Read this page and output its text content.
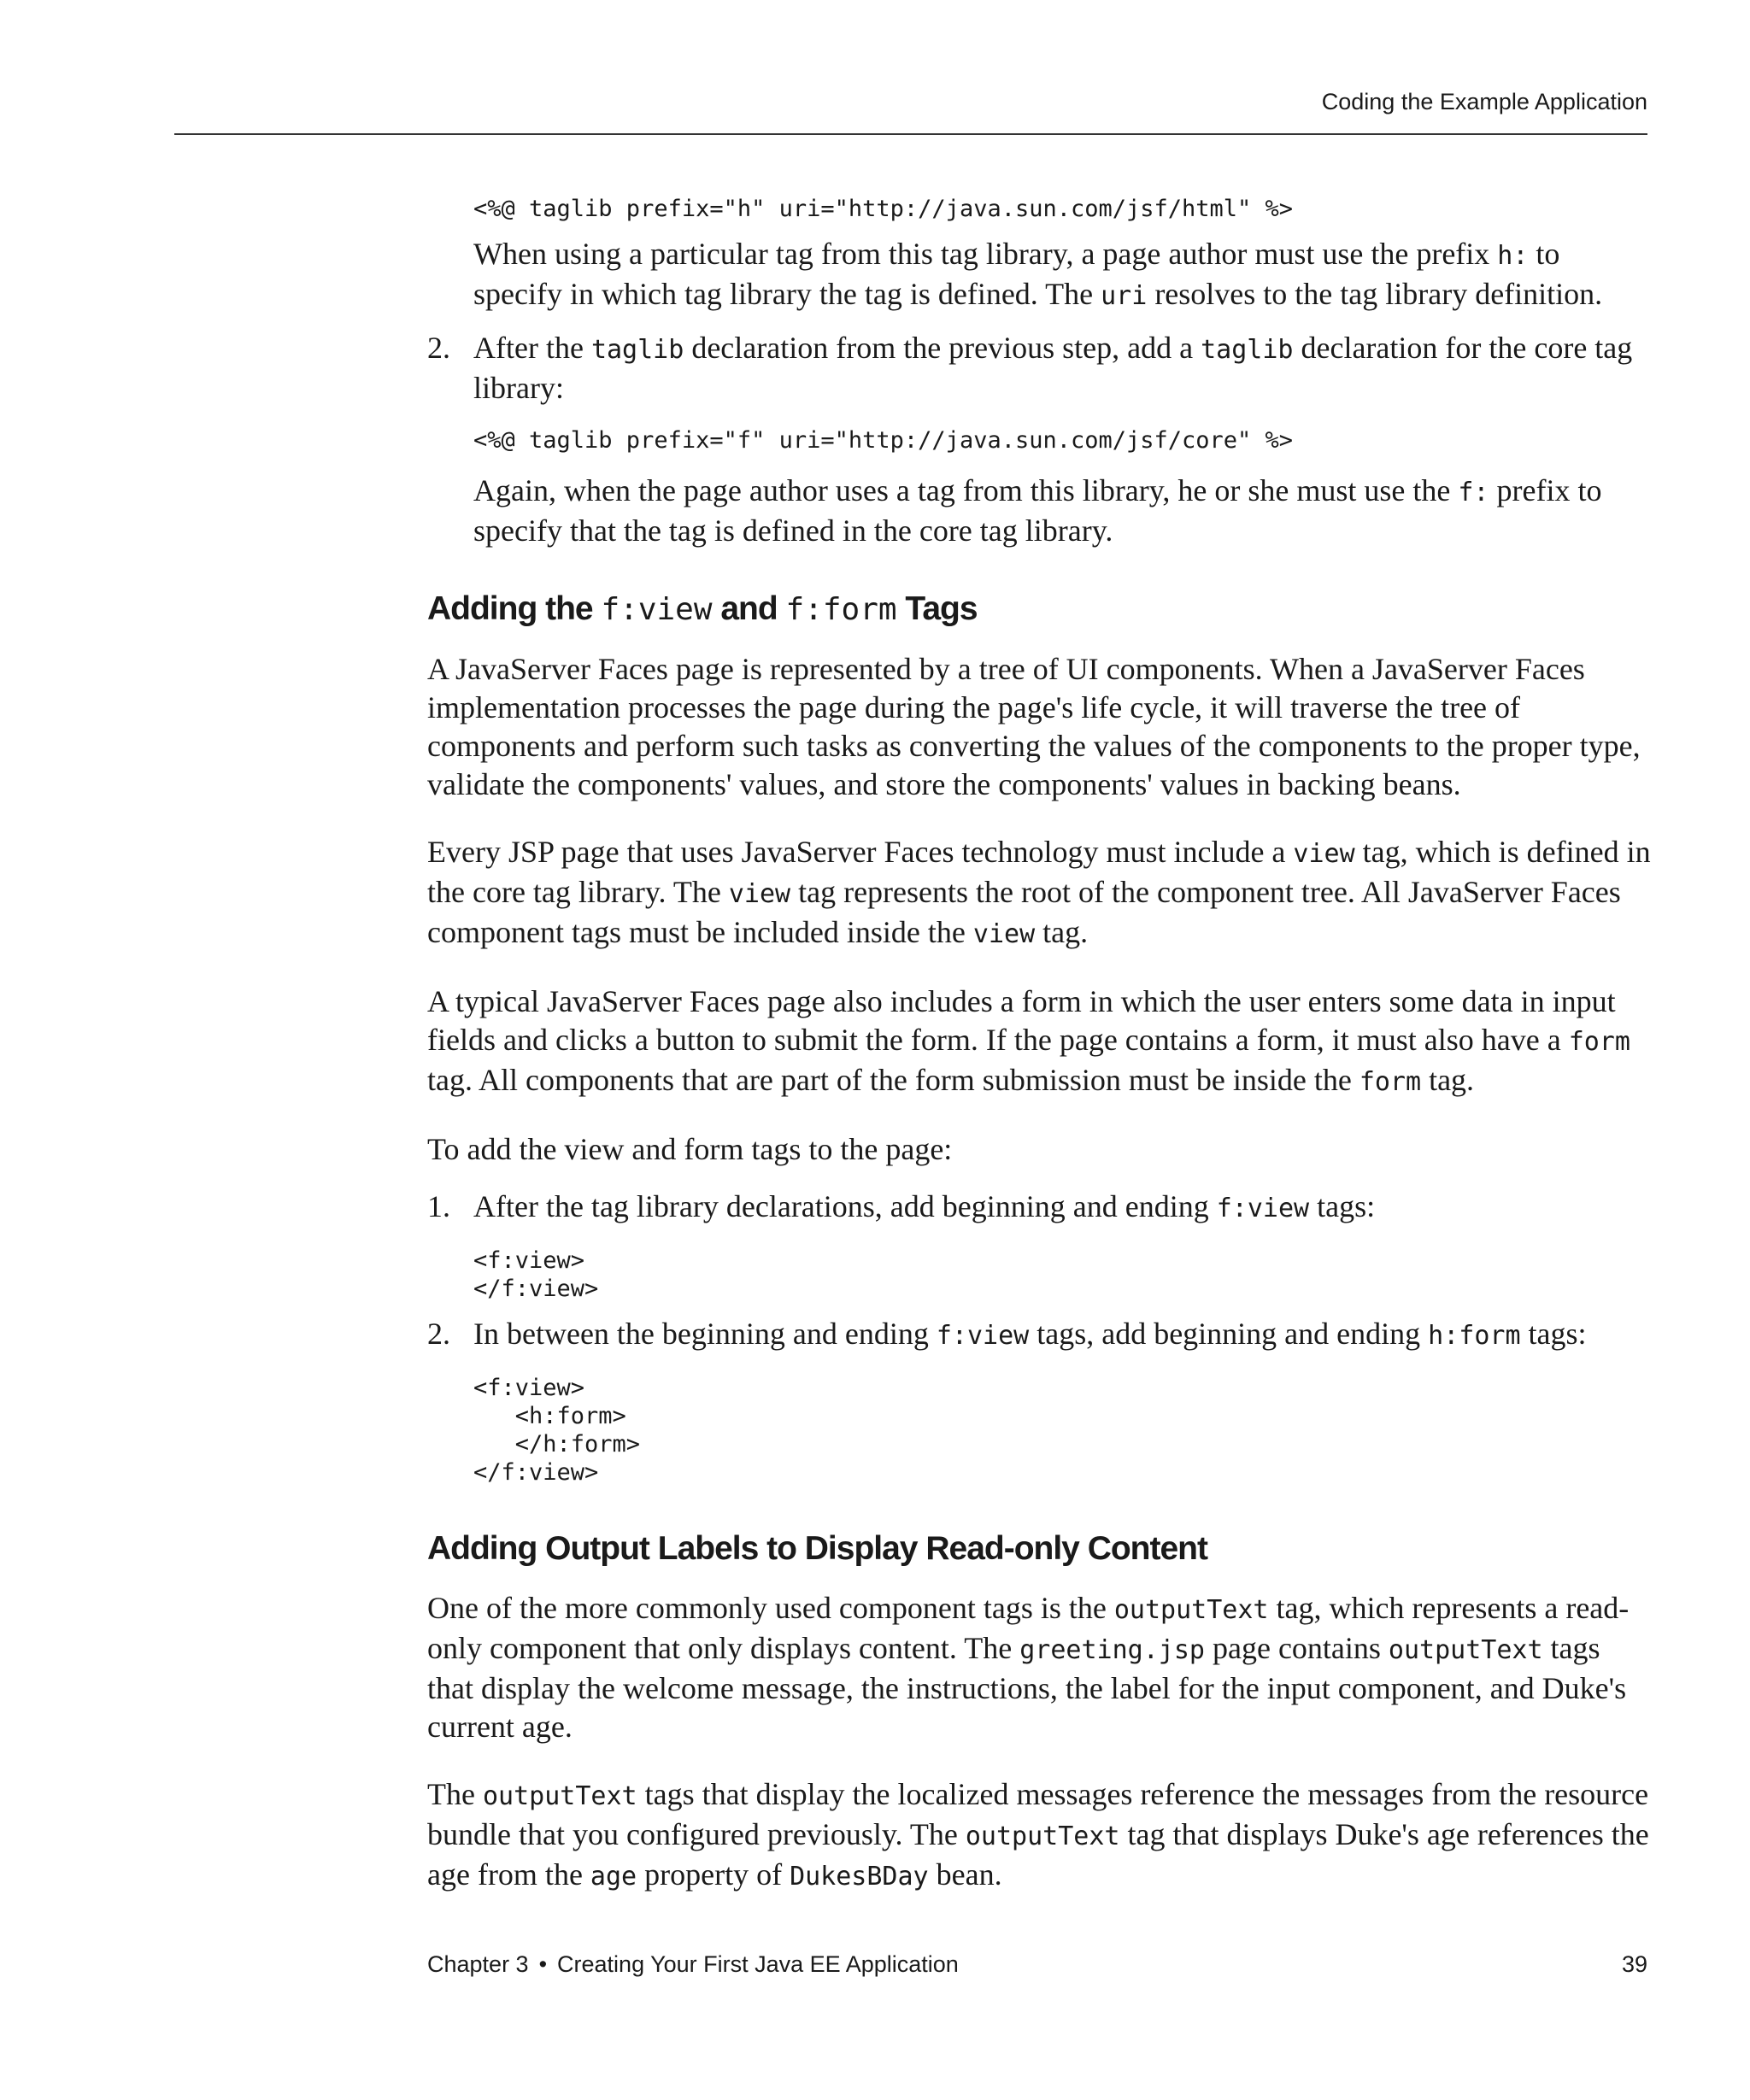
Coding the Example Application
<%@ taglib prefix="h" uri="http://java.sun.com/jsf/html" %>

When using a particular tag from this tag library, a page author must use the prefix h: to specify in which tag library the tag is defined. The uri resolves to the tag library definition.

2. After the taglib declaration from the previous step, add a taglib declaration for the core tag library:

<%@ taglib prefix="f" uri="http://java.sun.com/jsf/core" %>

Again, when the page author uses a tag from this library, he or she must use the f: prefix to specify that the tag is defined in the core tag library.

Adding the f:view and f:form Tags

A JavaServer Faces page is represented by a tree of UI components. When a JavaServer Faces implementation processes the page during the page's life cycle, it will traverse the tree of components and perform such tasks as converting the values of the components to the proper type, validate the components' values, and store the components' values in backing beans.

Every JSP page that uses JavaServer Faces technology must include a view tag, which is defined in the core tag library. The view tag represents the root of the component tree. All JavaServer Faces component tags must be included inside the view tag.

A typical JavaServer Faces page also includes a form in which the user enters some data in input fields and clicks a button to submit the form. If the page contains a form, it must also have a form tag. All components that are part of the form submission must be inside the form tag.

To add the view and form tags to the page:

1. After the tag library declarations, add beginning and ending f:view tags:

<f:view>
</f:view>
2. In between the beginning and ending f:view tags, add beginning and ending h:form tags:

<f:view>
<h:form>
</h:form>
</f:view>
Adding Output Labels to Display Read-only Content

One of the more commonly used component tags is the outputText tag, which represents a read-only component that only displays content. The greeting.jsp page contains outputText tags that display the welcome message, the instructions, the label for the input component, and Duke's current age.

The outputText tags that display the localized messages reference the messages from the resource bundle that you configured previously. The outputText tag that displays Duke's age references the age from the age property of DukesBDay bean.

Chapter 3 • Creating Your First Java EE Application	39
